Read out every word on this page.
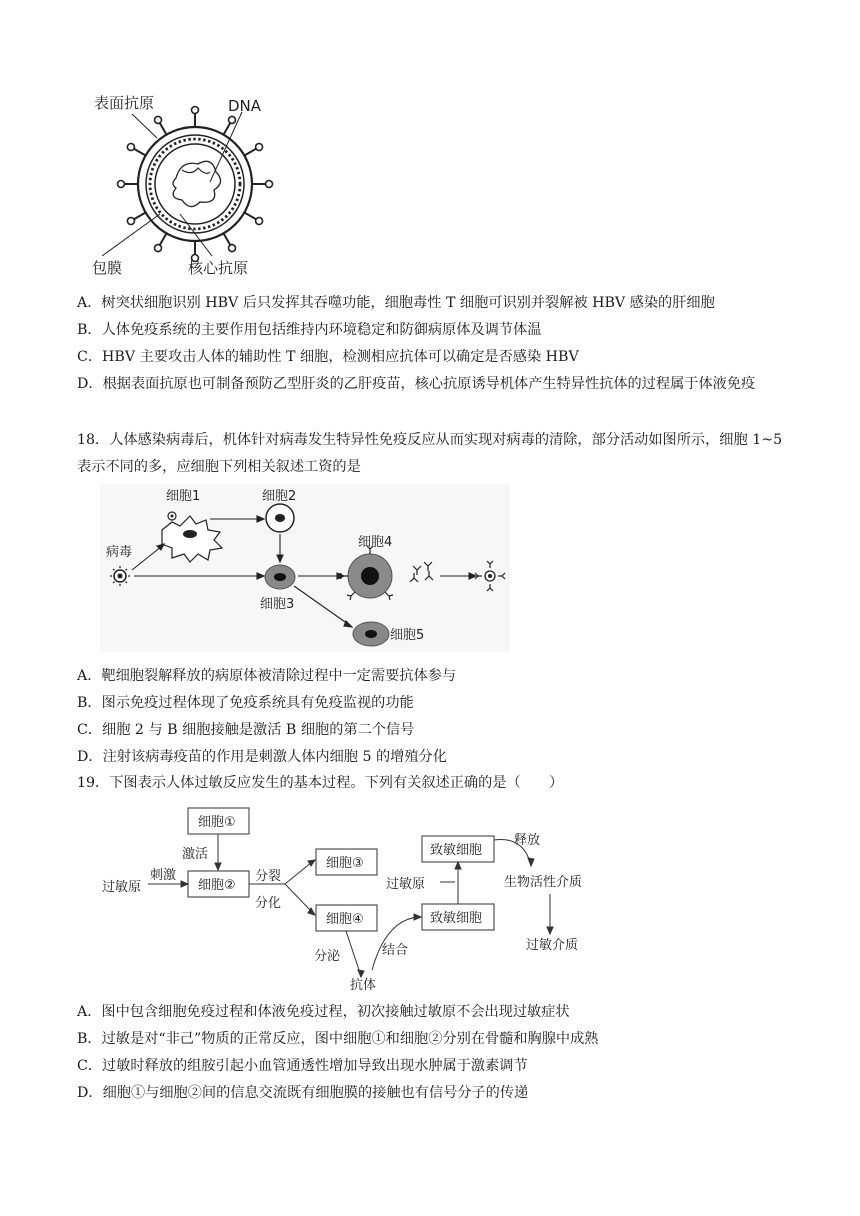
表面抗原	DNA
包膜	核心抗原
A．树突状细胞识别 HBV 后只发挥其吞噬功能，细胞毒性 T 细胞可识别并裂解被 HBV 感染的肝细胞
B．人体免疫系统的主要作用包括维持内环境稳定和防御病原体及调节体温
C．HBV 主要攻击人体的辅助性 T 细胞，检测相应抗体可以确定是否感染 HBV
D．根据表面抗原也可制备预防乙型肝炎的乙肝疫苗，核心抗原诱导机体产生特异性抗体的过程属于体液免疫
18．人体感染病毒后，机体针对病毒发生特异性免疫反应从而实现对病毒的清除，部分活动如图所示，细胞 1~5 表示不同的多，应细胞下列相关叙述工资的是
病毒
细胞1	细胞2
细胞3
细胞4
细胞5
A．靶细胞裂解释放的病原体被清除过程中一定需要抗体参与
B．图示免疫过程体现了免疫系统具有免疫监视的功能
C．细胞 2 与 B 细胞接触是激活 B 细胞的第二个信号
D．注射该病毒疫苗的作用是刺激人体内细胞 5 的增殖分化
19．下图表示人体过敏反应发生的基本过程。下列有关叙述正确的是（　　）
细胞①
细胞②
细胞③
细胞④
致敏细胞
致敏细胞
激活
刺激
过敏原
分裂
分化
分泌
抗体
结合
过敏原
释放
生物活性介质
过敏介质
A．图中包含细胞免疫过程和体液免疫过程，初次接触过敏原不会出现过敏症状
B．过敏是对“非己”物质的正常反应，图中细胞①和细胞②分别在骨髓和胸腺中成熟
C．过敏时释放的组胺引起小血管通透性增加导致出现水肿属于激素调节
D．细胞①与细胞②间的信息交流既有细胞膜的接触也有信号分子的传递
